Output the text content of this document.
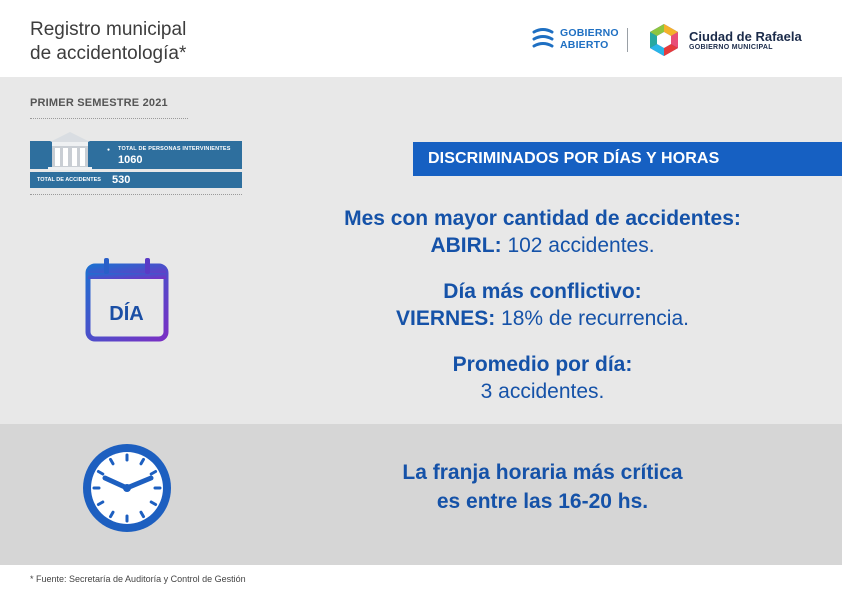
Registro municipal
de accidentología*
GOBIERNO
ABIERTO
Ciudad de Rafaela
GOBIERNO MUNICIPAL
PRIMER SEMESTRE 2021
● TOTAL DE PERSONAS INTERVINIENTES
1060
TOTAL DE ACCIDENTES 530
DISCRIMINADOS POR DÍAS Y HORAS
DÍA
Mes con mayor cantidad de accidentes:
ABIRL: 102 accidentes.
Día más conflictivo:
VIERNES: 18% de recurrencia.
Promedio por día:
3 accidentes.
La franja horaria más crítica
es entre las 16-20 hs.
* Fuente: Secretaría de Auditoría y Control de Gestión
